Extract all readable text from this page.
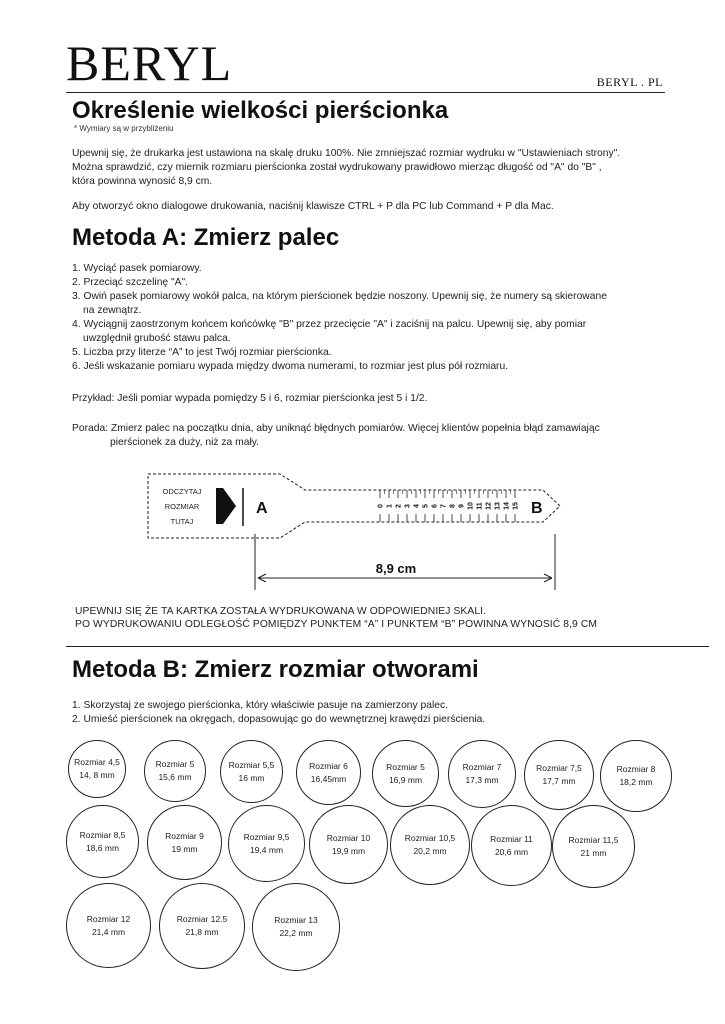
BERYL	BERYL . PL
Określenie wielkości pierścionka
* Wymiary są w przybliżeniu
Upewnij się, że drukarka jest ustawiona na skalę druku 100%. Nie zmniejszać rozmiar wydruku w "Ustawieniach strony".
Można sprawdzić, czy miernik rozmiaru pierścionka został wydrukowany prawidłowo mierząc długość od "A" do "B" ,
która powinna wynosić 8,9 cm.
Aby otworzyć okno dialogowe drukowania, naciśnij klawisze CTRL + P dla PC lub Command + P dla Mac.
Metoda A: Zmierz palec
1. Wyciąć pasek pomiarowy.
2. Przeciąć szczelinę "A".
3. Owiń pasek pomiarowy wokół palca, na którym pierścionek będzie noszony. Upewnij się, że numery są skierowane
na zewnątrz.
4. Wyciągnij zaostrzonym końcem końcówkę "B" przez przecięcie "A" i zaciśnij na palcu. Upewnij się, aby pomiar
uwzględnił grubość stawu palca.
5. Liczba przy literze “A” to jest Twój rozmiar pierścionka.
6. Jeśli wskazanie pomiaru wypada między dwoma numerami, to rozmiar jest plus pół rozmiaru.
Przykład: Jeśli pomiar wypada pomiędzy 5 i 6, rozmiar pierścionka jest 5 i 1/2.
Porada: Zmierz palec na początku dnia, aby uniknąć błędnych pomiarów. Więcej klientów popełnia błąd zamawiając
pierścionek za duży, niż za mały.
ODCZYTAJ
ROZMIAR
TUTAJ
A	B
0 1 2 3 4 5 6 7 8 9 10 11 12 13 14 15
8,9 cm
UPEWNIJ SIĘ ŻE TA KARTKA ZOSTAŁA WYDRUKOWANA W ODPOWIEDNIEJ SKALI.
PO WYDRUKOWANIU ODLEGŁOŚĆ POMIĘDZY PUNKTEM “A” I PUNKTEM “B” POWINNA WYNOSIĆ 8,9 CM
Metoda B: Zmierz rozmiar otworami
1. Skorzystaj ze swojego pierścionka, który właściwie pasuje na zamierzony palec.
2. Umieść pierścionek na okręgach, dopasowując go do wewnętrznej krawędzi pierścienia.
Rozmiar 4,5
14, 8 mm
Rozmiar 5
15,6 mm
Rozmiar 5,5
16 mm
Rozmiar 6
16,45mm
Rozmiar 5
16,9 mm
Rozmiar 7
17,3 mm
Rozmiar 7,5
17,7 mm
Rozmiar 8
18,2 mm
Rozmiar 8,5
18,6 mm
Rozmiar 9
19 mm
Rozmiar 9,5
19,4 mm
Rozmiar 10
19,9 mm
Rozmiar 10,5
20,2 mm
Rozmiar 11
20,6 mm
Rozmiar 11,5
21 mm
Rozmiar 12
21,4 mm
Rozmiar 12.5
21,8 mm
Rozmiar 13
22,2 mm
